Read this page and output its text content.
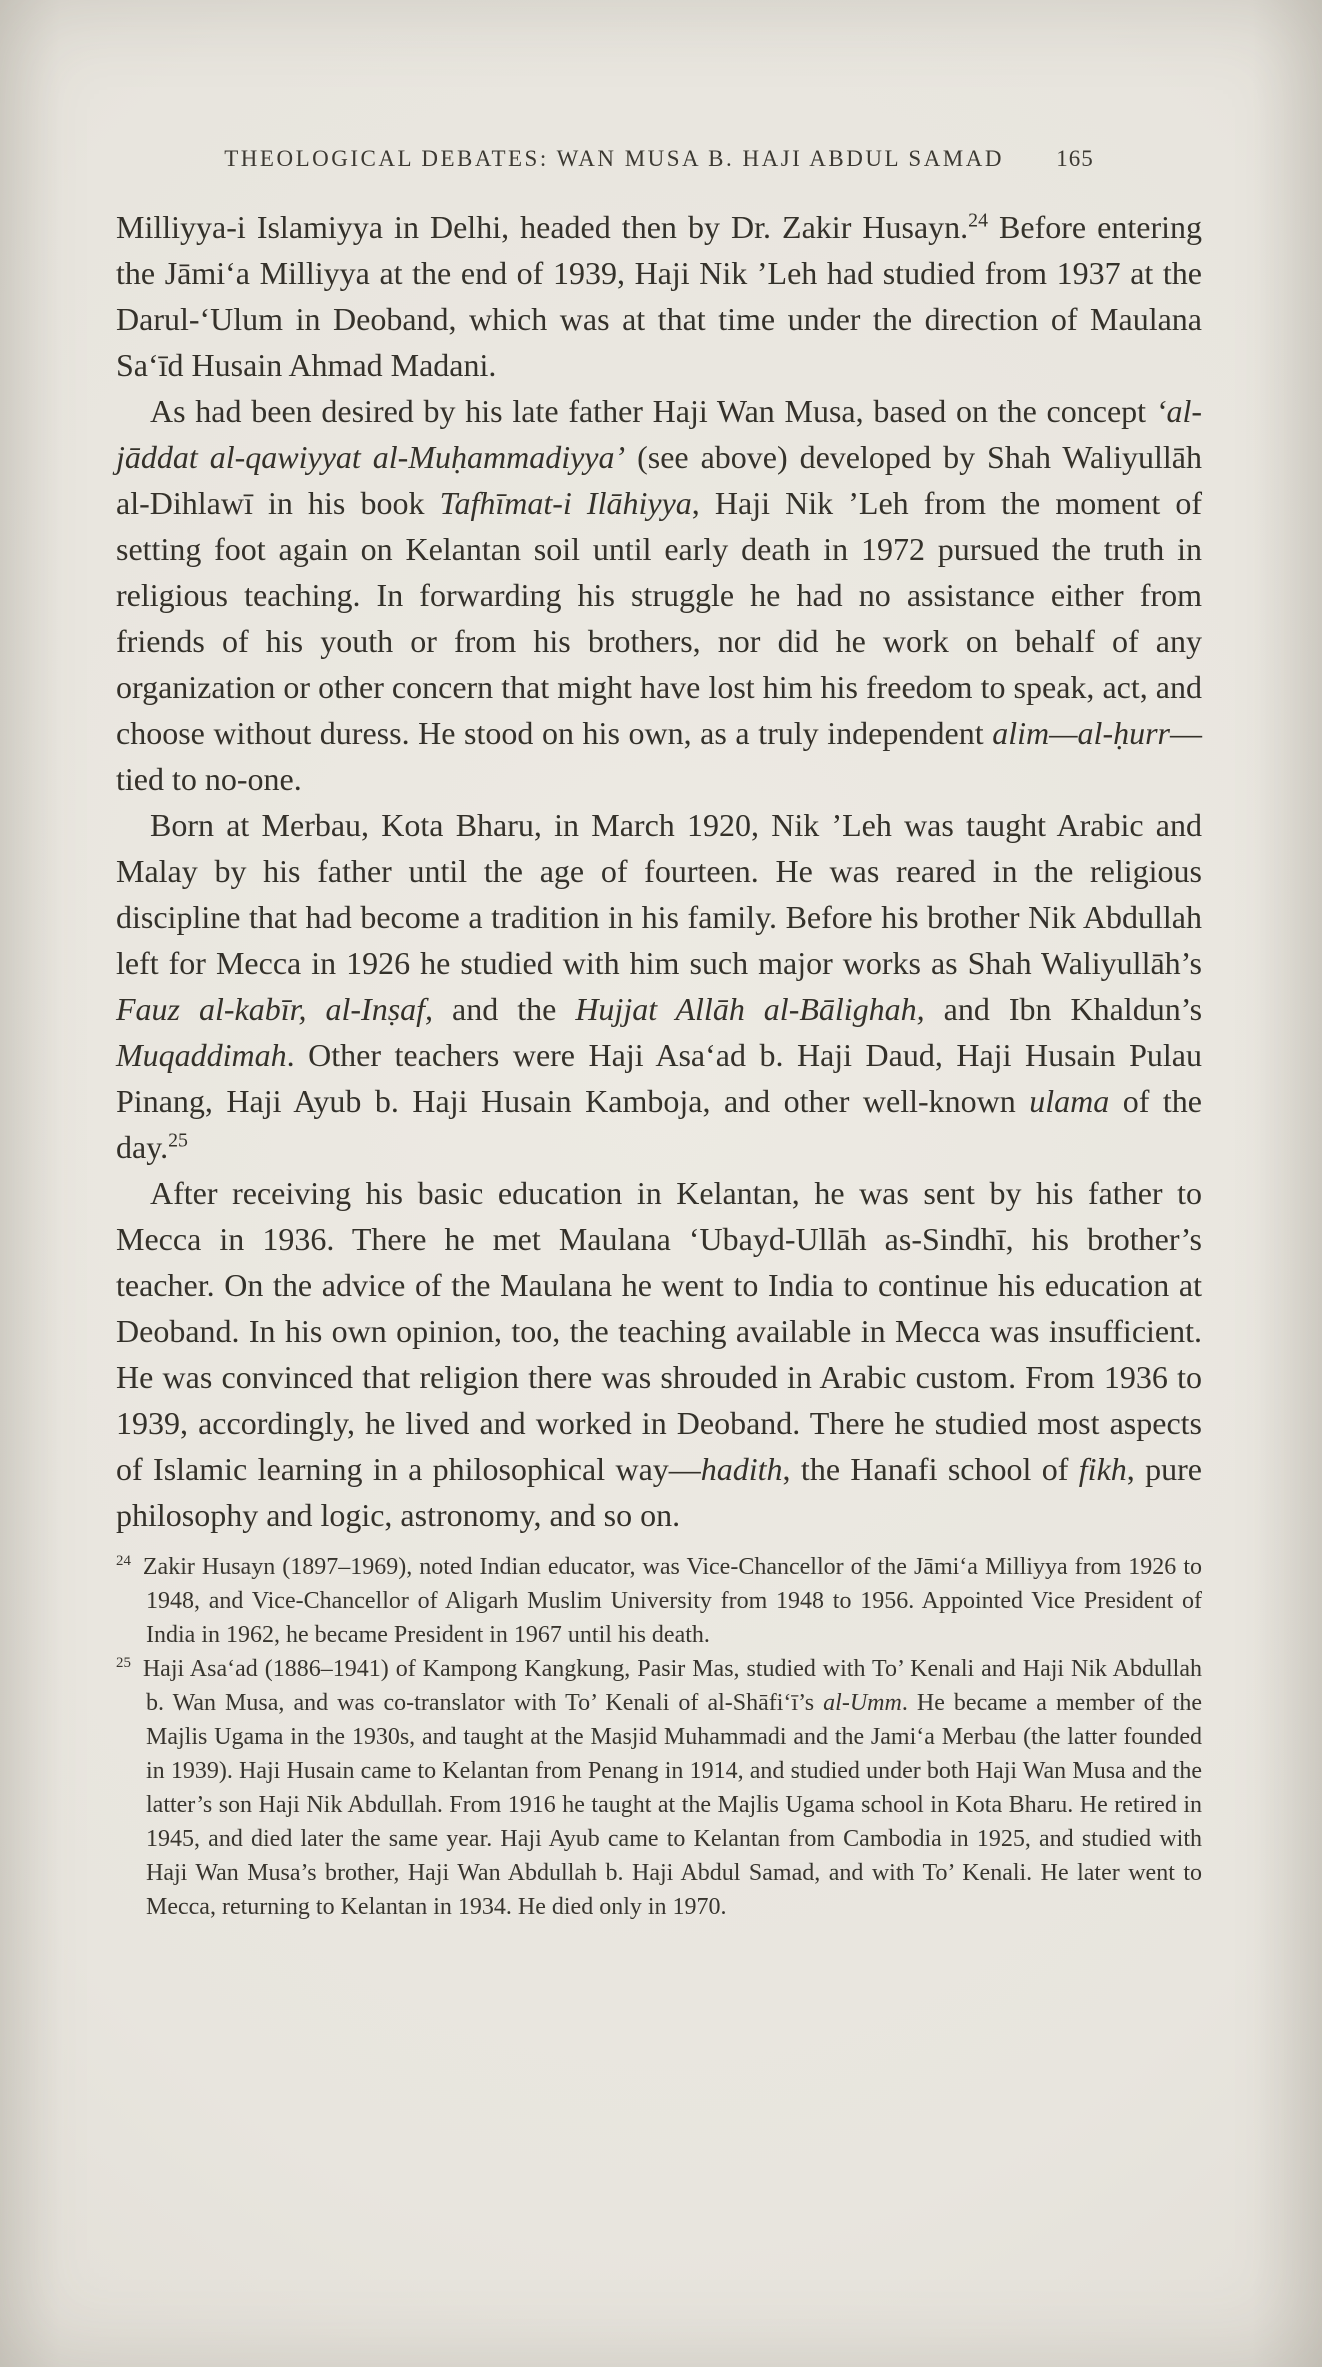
THEOLOGICAL DEBATES: WAN MUSA B. HAJI ABDUL SAMAD 165

Milliyya-i Islamiyya in Delhi, headed then by Dr. Zakir Husayn.$^{24}$ Before entering the Jāmi‘a Milliyya at the end of 1939, Haji Nik ’Leh had studied from 1937 at the Darul-‘Ulum in Deoband, which was at that time under the direction of Maulana Sa‘īd Husain Ahmad Madani.

As had been desired by his late father Haji Wan Musa, based on the concept ‘al-jāddat al-qawiyyat al-Muḥammadiyya’ (see above) developed by Shah Waliyullāh al-Dihlawī in his book Tafhīmat-i Ilāhiyya, Haji Nik ’Leh from the moment of setting foot again on Kelantan soil until early death in 1972 pursued the truth in religious teaching. In forwarding his struggle he had no assistance either from friends of his youth or from his brothers, nor did he work on behalf of any organization or other concern that might have lost him his freedom to speak, act, and choose without duress. He stood on his own, as a truly independent alim—al-ḥurr—tied to no-one.

Born at Merbau, Kota Bharu, in March 1920, Nik ’Leh was taught Arabic and Malay by his father until the age of fourteen. He was reared in the religious discipline that had become a tradition in his family. Before his brother Nik Abdullah left for Mecca in 1926 he studied with him such major works as Shah Waliyullāh’s Fauz al-kabīr, al-Inṣaf, and the Hujjat Allāh al-Bālighah, and Ibn Khaldun’s Muqaddimah. Other teachers were Haji Asa‘ad b. Haji Daud, Haji Husain Pulau Pinang, Haji Ayub b. Haji Husain Kamboja, and other well-known ulama of the day.$^{25}$

After receiving his basic education in Kelantan, he was sent by his father to Mecca in 1936. There he met Maulana ‘Ubayd-Ullāh as-Sindhī, his brother’s teacher. On the advice of the Maulana he went to India to continue his education at Deoband. In his own opinion, too, the teaching available in Mecca was insufficient. He was convinced that religion there was shrouded in Arabic custom. From 1936 to 1939, accordingly, he lived and worked in Deoband. There he studied most aspects of Islamic learning in a philosophical way—hadith, the Hanafi school of fikh, pure philosophy and logic, astronomy, and so on.

$^{24}$ Zakir Husayn (1897–1969), noted Indian educator, was Vice-Chancellor of the Jāmi‘a Milliyya from 1926 to 1948, and Vice-Chancellor of Aligarh Muslim University from 1948 to 1956. Appointed Vice President of India in 1962, he became President in 1967 until his death.

$^{25}$ Haji Asa‘ad (1886–1941) of Kampong Kangkung, Pasir Mas, studied with To’ Kenali and Haji Nik Abdullah b. Wan Musa, and was co-translator with To’ Kenali of al-Shāfi‘ī’s al-Umm. He became a member of the Majlis Ugama in the 1930s, and taught at the Masjid Muhammadi and the Jami‘a Merbau (the latter founded in 1939). Haji Husain came to Kelantan from Penang in 1914, and studied under both Haji Wan Musa and the latter’s son Haji Nik Abdullah. From 1916 he taught at the Majlis Ugama school in Kota Bharu. He retired in 1945, and died later the same year. Haji Ayub came to Kelantan from Cambodia in 1925, and studied with Haji Wan Musa’s brother, Haji Wan Abdullah b. Haji Abdul Samad, and with To’ Kenali. He later went to Mecca, returning to Kelantan in 1934. He died only in 1970.
